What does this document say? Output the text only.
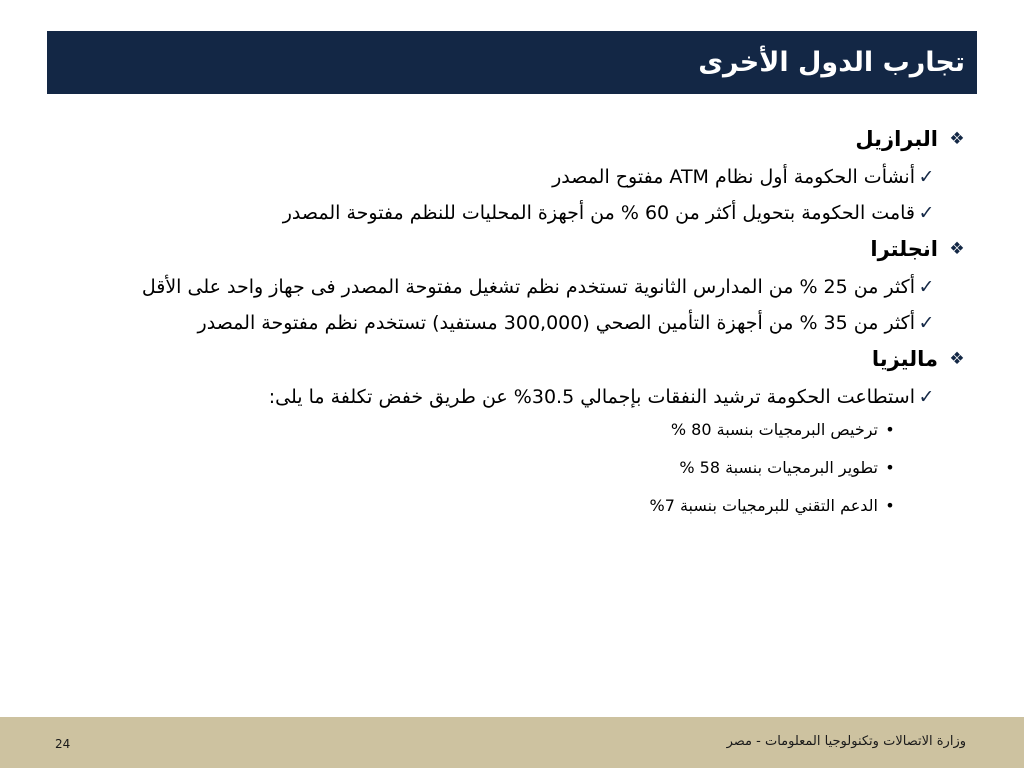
تجارب الدول الأخرى
❖
البرازيل
✓
أنشأت الحكومة أول نظام ATM مفتوح المصدر
✓
قامت الحكومة بتحويل أكثر من 60 % من أجهزة المحليات للنظم مفتوحة المصدر
❖
انجلترا
✓
أكثر من 25 % من المدارس الثانوية تستخدم نظم تشغيل مفتوحة المصدر فى جهاز واحد على الأقل
✓
أكثر من 35 % من أجهزة التأمين الصحي (300,000 مستفيد) تستخدم نظم مفتوحة المصدر
❖
ماليزيا
✓
استطاعت الحكومة ترشيد النفقات بإجمالي 30.5% عن طريق خفض تكلفة ما يلى:
•
ترخيص البرمجيات بنسبة 80 %
•
تطوير البرمجيات بنسبة 58 %
•
الدعم التقني للبرمجيات بنسبة 7%
وزارة الاتصالات وتكنولوجيا المعلومات - مصر
24
